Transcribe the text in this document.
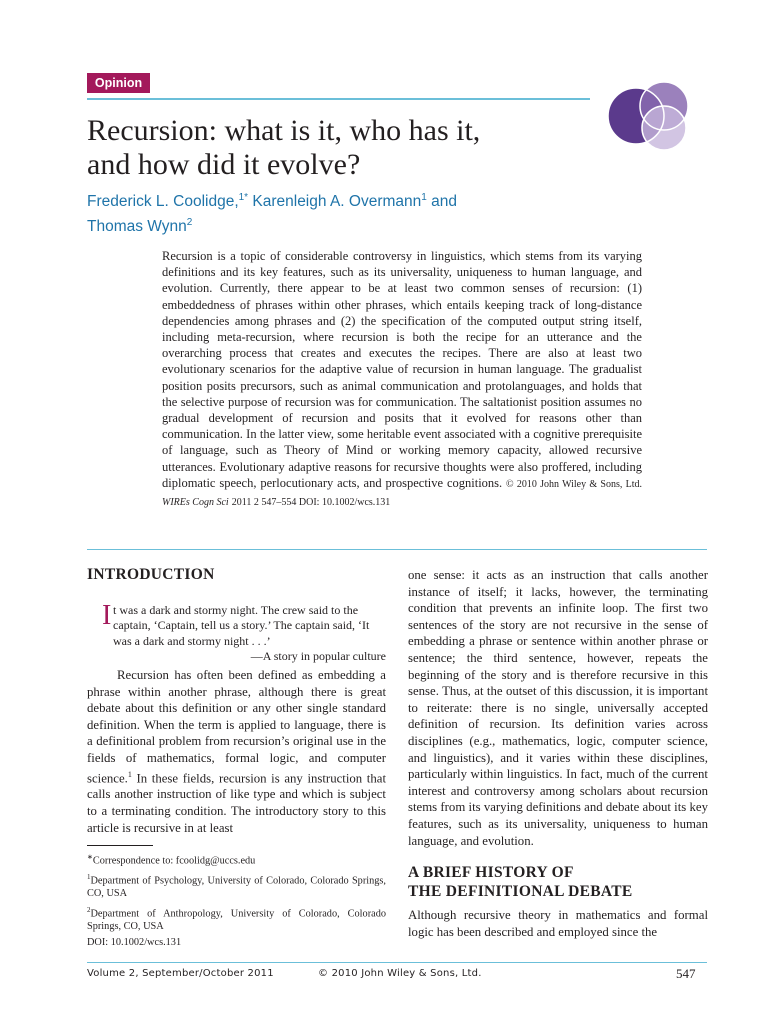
Opinion
Recursion: what is it, who has it,
and how did it evolve?
Frederick L. Coolidge,$^{1*}$ Karenleigh A. Overmann$^1$ and
Thomas Wynn$^2$
Recursion is a topic of considerable controversy in linguistics, which stems from its varying definitions and its key features, such as its universality, uniqueness to human language, and evolution. Currently, there appear to be at least two common senses of recursion: (1) embeddedness of phrases within other phrases, which entails keeping track of long-distance dependencies among phrases and (2) the specification of the computed output string itself, including meta-recursion, where recursion is both the recipe for an utterance and the overarching process that creates and executes the recipes. There are also at least two evolutionary scenarios for the adaptive value of recursion in human language. The gradualist position posits precursors, such as animal communication and protolanguages, and holds that the selective purpose of recursion was for communication. The saltationist position assumes no gradual development of recursion and posits that it evolved for reasons other than communication. In the latter view, some heritable event associated with a cognitive prerequisite of language, such as Theory of Mind or working memory capacity, allowed recursive utterances. Evolutionary adaptive reasons for recursive thoughts were also proffered, including diplomatic speech, perlocutionary acts, and prospective cognitions. © 2010 John Wiley & Sons, Ltd. WIREs Cogn Sci 2011 2 547–554 DOI: 10.1002/wcs.131
INTRODUCTION
I t was a dark and stormy night. The crew said to the captain, ‘Captain, tell us a story.’ The captain said, ‘It was a dark and stormy night . . .’
—A story in popular culture

Recursion has often been defined as embedding a phrase within another phrase, although there is great debate about this definition or any other single standard definition. When the term is applied to language, there is a definitional problem from recursion’s original use in the fields of mathematics, formal logic, and computer science.$^1$ In these fields, recursion is any instruction that calls another instruction of like type and which is subject to a terminating condition. The introductory story to this article is recursive in at least

∗Correspondence to: fcoolidg@uccs.edu
$^1$Department of Psychology, University of Colorado, Colorado Springs, CO, USA
$^2$Department of Anthropology, University of Colorado, Colorado Springs, CO, USA
DOI: 10.1002/wcs.131
one sense: it acts as an instruction that calls another instance of itself; it lacks, however, the terminating condition that prevents an infinite loop. The first two sentences of the story are not recursive in the sense of embedding a phrase or sentence within another phrase or sentence; the third sentence, however, repeats the beginning of the story and is therefore recursive in this sense. Thus, at the outset of this discussion, it is important to reiterate: there is no single, universally accepted definition of recursion. Its definition varies across disciplines (e.g., mathematics, logic, computer science, and linguistics), and it varies within these disciplines, particularly within linguistics. In fact, much of the current interest and controversy among scholars about recursion stems from its varying definitions and debate about its key features, such as its universality, uniqueness to human language, and evolution.
A BRIEF HISTORY OF
THE DEFINITIONAL DEBATE
Although recursive theory in mathematics and formal logic has been described and employed since the
Volume 2, September/October 2011	© 2010 John Wiley & Sons, Ltd.	547
